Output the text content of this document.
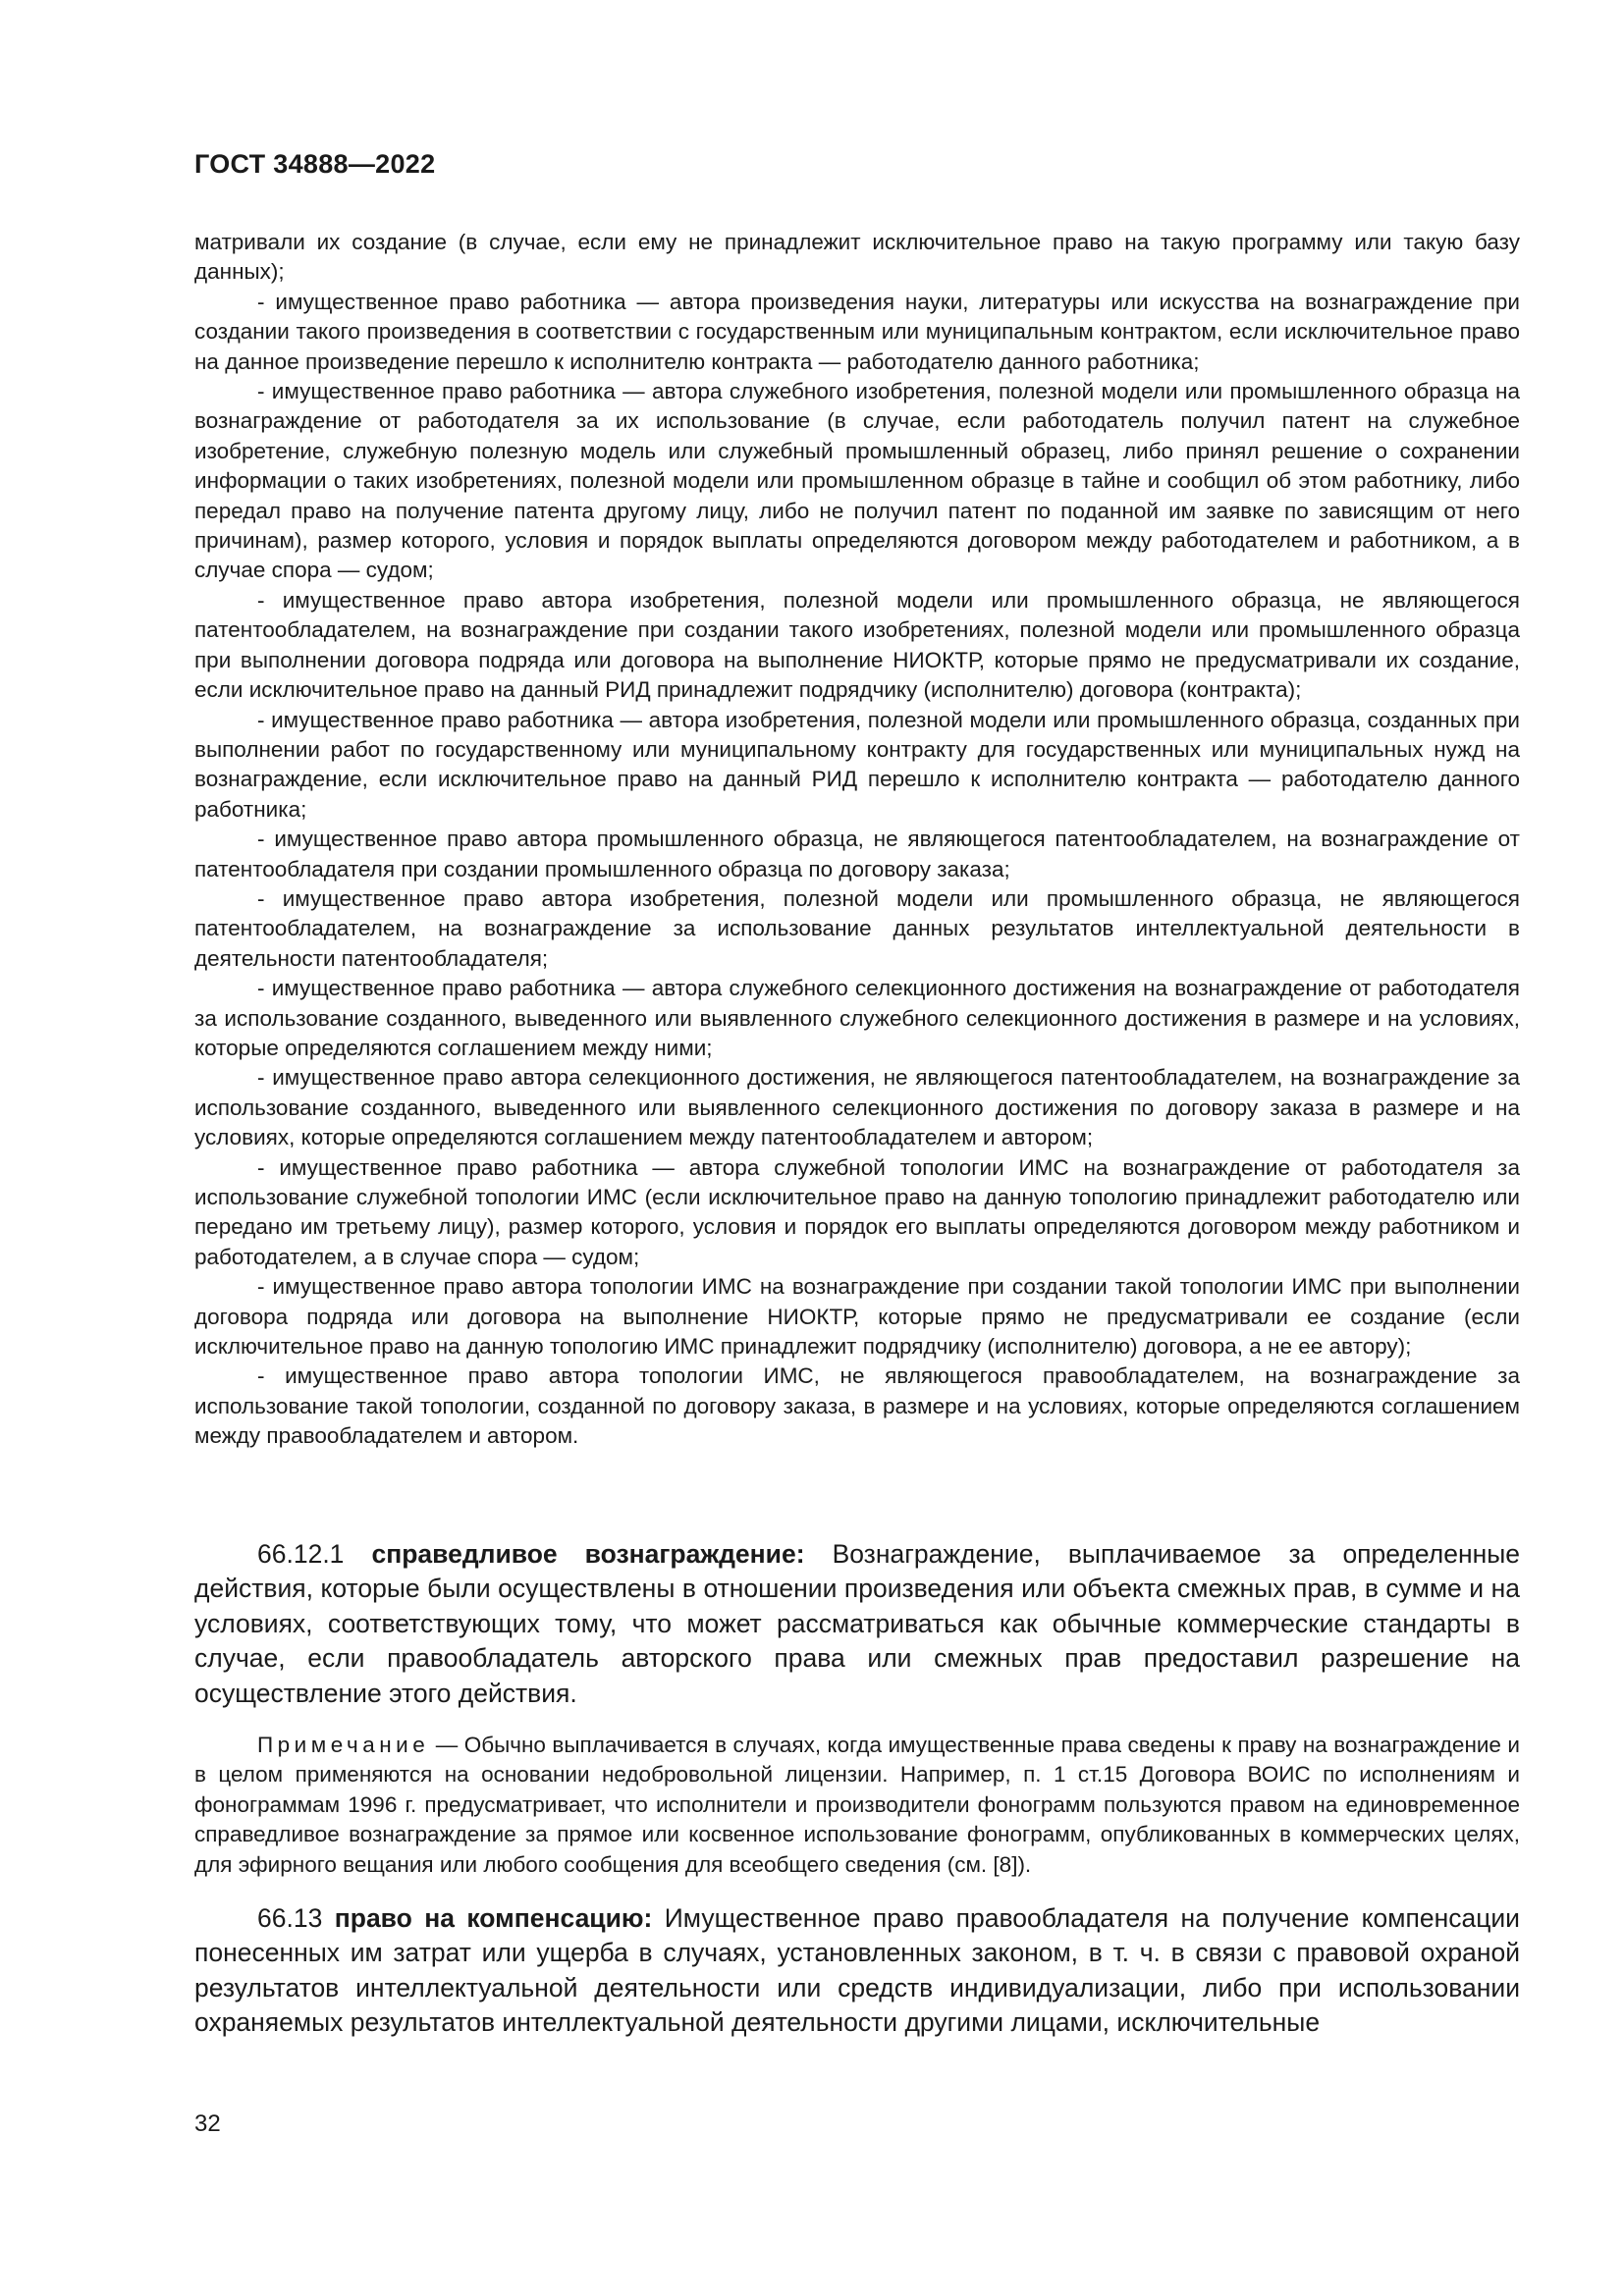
ГОСТ 34888—2022

матривали их создание (в случае, если ему не принадлежит исключительное право на такую программу или такую базу данных);

- имущественное право работника — автора произведения науки, литературы или искусства на вознаграждение при создании такого произведения в соответствии с государственным или муниципальным контрактом, если исключительное право на данное произведение перешло к исполнителю контракта — работодателю данного работника;

- имущественное право работника — автора служебного изобретения, полезной модели или промышленного образца на вознаграждение от работодателя за их использование (в случае, если работодатель получил патент на служебное изобретение, служебную полезную модель или служебный промышленный образец, либо принял решение о сохранении информации о таких изобретениях, полезной модели или промышленном образце в тайне и сообщил об этом работнику, либо передал право на получение патента другому лицу, либо не получил патент по поданной им заявке по зависящим от него причинам), размер которого, условия и порядок выплаты определяются договором между работодателем и работником, а в случае спора — судом;

- имущественное право автора изобретения, полезной модели или промышленного образца, не являющегося патентообладателем, на вознаграждение при создании такого изобретениях, полезной модели или промышленного образца при выполнении договора подряда или договора на выполнение НИОКТР, которые прямо не предусматривали их создание, если исключительное право на данный РИД принадлежит подрядчику (исполнителю) договора (контракта);

- имущественное право работника — автора изобретения, полезной модели или промышленного образца, созданных при выполнении работ по государственному или муниципальному контракту для государственных или муниципальных нужд на вознаграждение, если исключительное право на данный РИД перешло к исполнителю контракта — работодателю данного работника;

- имущественное право автора промышленного образца, не являющегося патентообладателем, на вознаграждение от патентообладателя при создании промышленного образца по договору заказа;

- имущественное право автора изобретения, полезной модели или промышленного образца, не являющегося патентообладателем, на вознаграждение за использование данных результатов интеллектуальной деятельности в деятельности патентообладателя;

- имущественное право работника — автора служебного селекционного достижения на вознаграждение от работодателя за использование созданного, выведенного или выявленного служебного селекционного достижения в размере и на условиях, которые определяются соглашением между ними;

- имущественное право автора селекционного достижения, не являющегося патентообладателем, на вознаграждение за использование созданного, выведенного или выявленного селекционного достижения по договору заказа в размере и на условиях, которые определяются соглашением между патентообладателем и автором;

- имущественное право работника — автора служебной топологии ИМС на вознаграждение от работодателя за использование служебной топологии ИМС (если исключительное право на данную топологию принадлежит работодателю или передано им третьему лицу), размер которого, условия и порядок его выплаты определяются договором между работником и работодателем, а в случае спора — судом;

- имущественное право автора топологии ИМС на вознаграждение при создании такой топологии ИМС при выполнении договора подряда или договора на выполнение НИОКТР, которые прямо не предусматривали ее создание (если исключительное право на данную топологию ИМС принадлежит подрядчику (исполнителю) договора, а не ее автору);

- имущественное право автора топологии ИМС, не являющегося правообладателем, на вознаграждение за использование такой топологии, созданной по договору заказа, в размере и на условиях, которые определяются соглашением между правообладателем и автором.

66.12.1 справедливое вознаграждение: Вознаграждение, выплачиваемое за определенные действия, которые были осуществлены в отношении произведения или объекта смежных прав, в сумме и на условиях, соответствующих тому, что может рассматриваться как обычные коммерческие стандарты в случае, если правообладатель авторского права или смежных прав предоставил разрешение на осуществление этого действия.

Примечание — Обычно выплачивается в случаях, когда имущественные права сведены к праву на вознаграждение и в целом применяются на основании недобровольной лицензии. Например, п. 1 ст.15 Договора ВОИС по исполнениям и фонограммам 1996 г. предусматривает, что исполнители и производители фонограмм пользуются правом на единовременное справедливое вознаграждение за прямое или косвенное использование фонограмм, опубликованных в коммерческих целях, для эфирного вещания или любого сообщения для всеобщего сведения (см. [8]).

66.13 право на компенсацию: Имущественное право правообладателя на получение компенсации понесенных им затрат или ущерба в случаях, установленных законом, в т. ч. в связи с правовой охраной результатов интеллектуальной деятельности или средств индивидуализации, либо при использовании охраняемых результатов интеллектуальной деятельности другими лицами, исключительные

32
